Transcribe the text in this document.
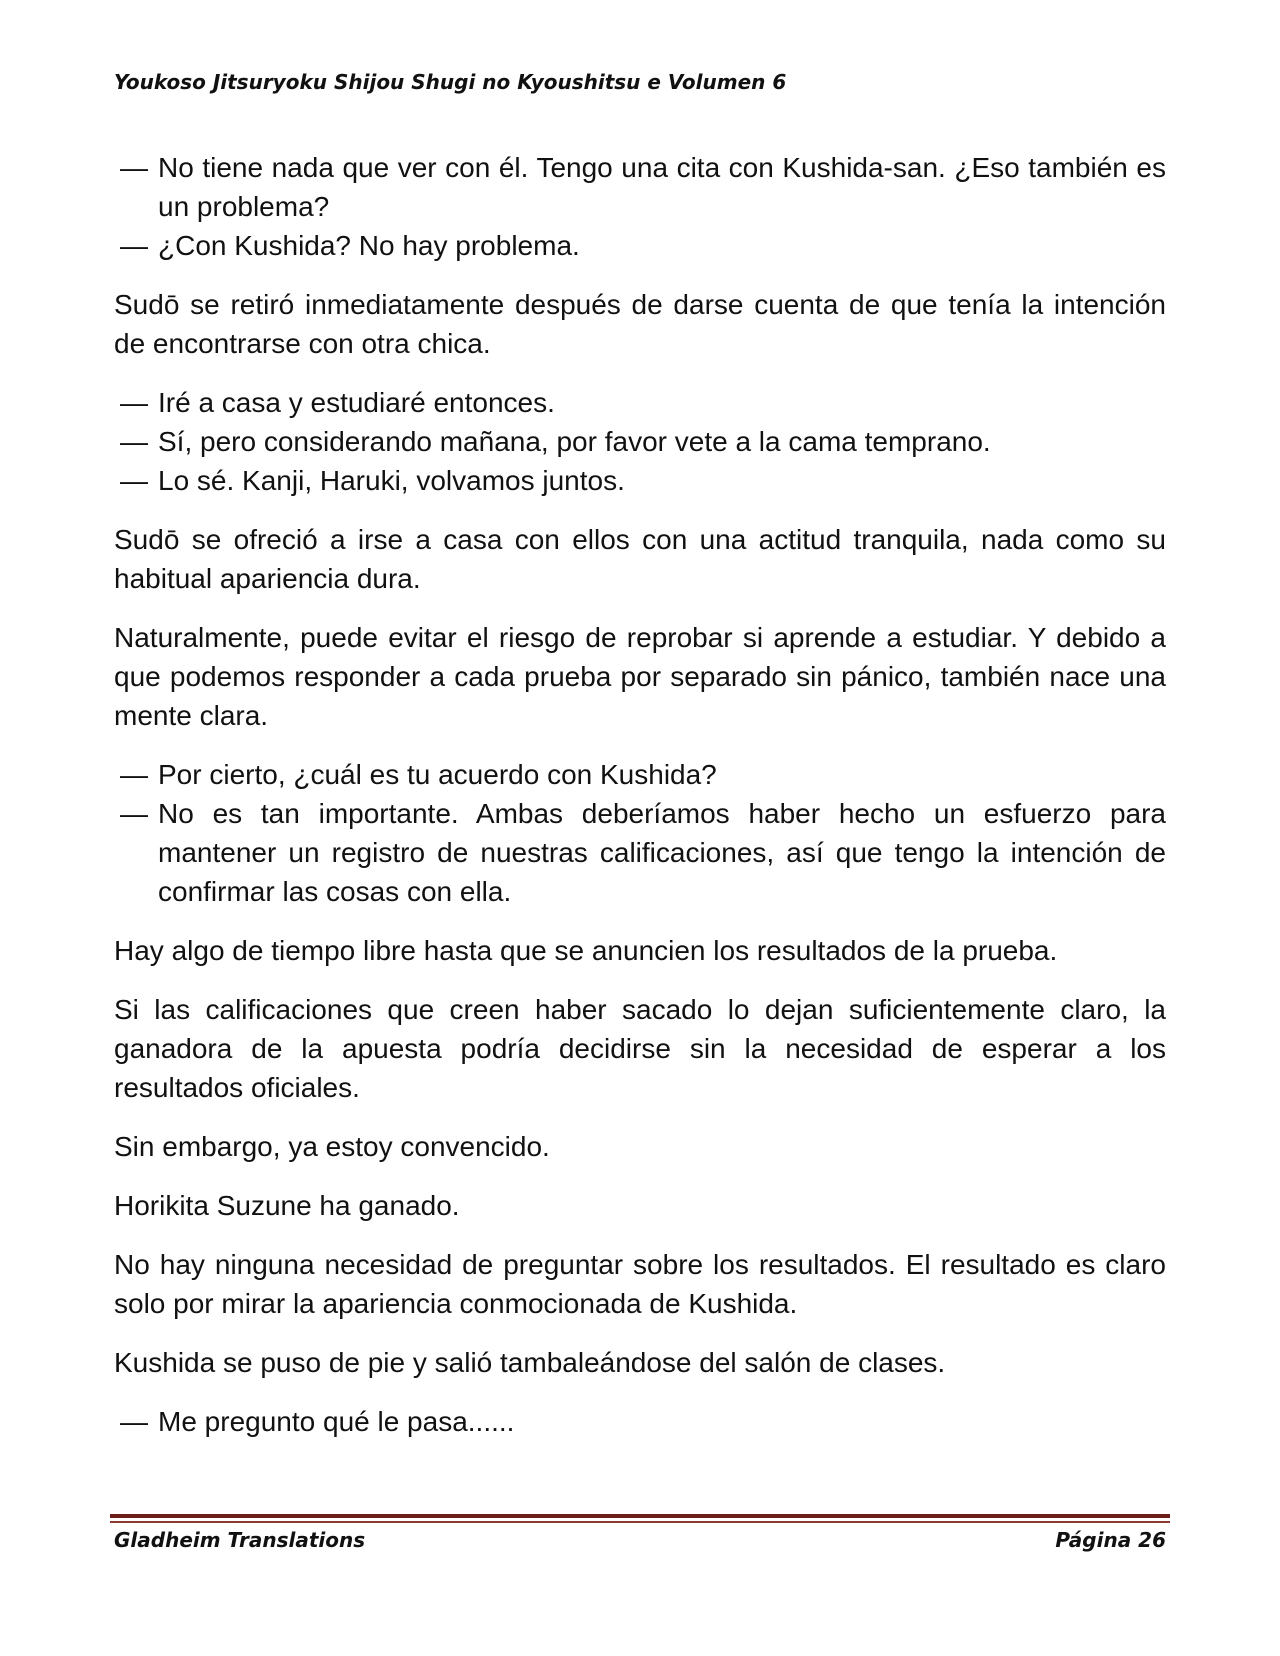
Youkoso Jitsuryoku Shijou Shugi no Kyoushitsu e Volumen 6
— No tiene nada que ver con él. Tengo una cita con Kushida-san. ¿Eso también es un problema?
— ¿Con Kushida? No hay problema.

Sudō se retiró inmediatamente después de darse cuenta de que tenía la intención de encontrarse con otra chica.

— Iré a casa y estudiaré entonces.
— Sí, pero considerando mañana, por favor vete a la cama temprano.
— Lo sé. Kanji, Haruki, volvamos juntos.

Sudō se ofreció a irse a casa con ellos con una actitud tranquila, nada como su habitual apariencia dura.

Naturalmente, puede evitar el riesgo de reprobar si aprende a estudiar. Y debido a que podemos responder a cada prueba por separado sin pánico, también nace una mente clara.

— Por cierto, ¿cuál es tu acuerdo con Kushida?
— No es tan importante. Ambas deberíamos haber hecho un esfuerzo para mantener un registro de nuestras calificaciones, así que tengo la intención de confirmar las cosas con ella.

Hay algo de tiempo libre hasta que se anuncien los resultados de la prueba.

Si las calificaciones que creen haber sacado lo dejan suficientemente claro, la ganadora de la apuesta podría decidirse sin la necesidad de esperar a los resultados oficiales.

Sin embargo, ya estoy convencido.

Horikita Suzune ha ganado.

No hay ninguna necesidad de preguntar sobre los resultados. El resultado es claro solo por mirar la apariencia conmocionada de Kushida.

Kushida se puso de pie y salió tambaleándose del salón de clases.

— Me pregunto qué le pasa......
Gladheim Translations	Página 26
